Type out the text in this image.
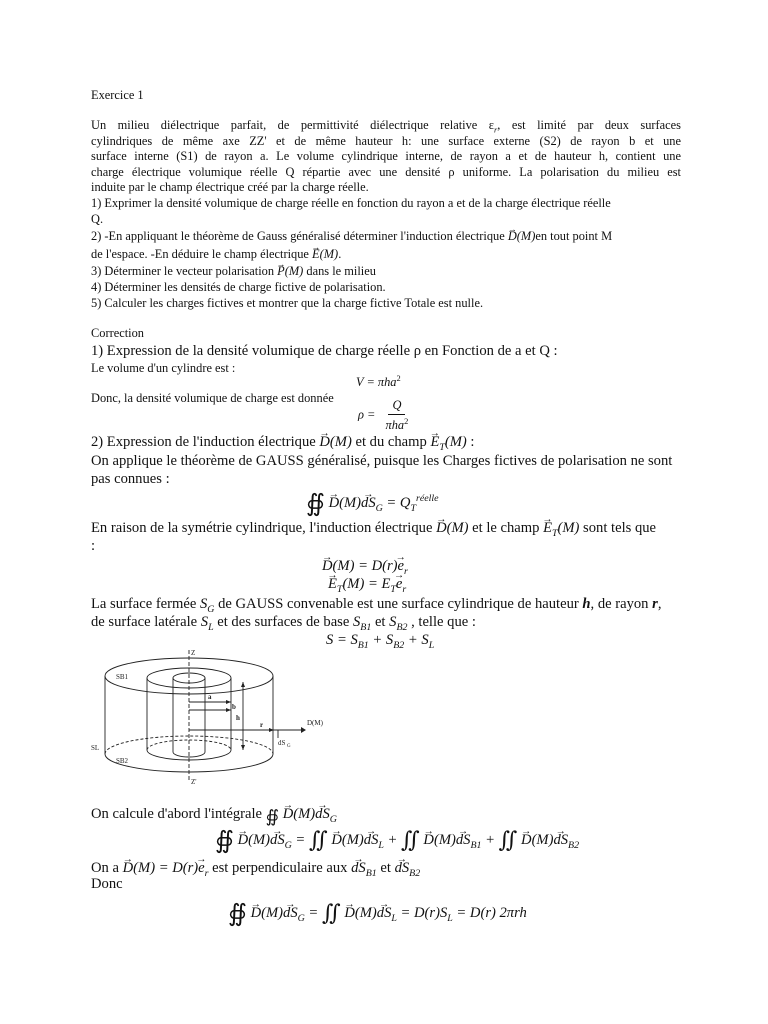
Exercice 1
Un milieu diélectrique parfait, de permittivité diélectrique relative $\varepsilon_r$, est limité par deux surfaces
cylindriques de même axe ZZ' et de même hauteur h: une surface externe (S2) de rayon b et une
surface interne (S1) de rayon a. Le volume cylindrique interne, de rayon a et de hauteur h, contient une
charge électrique volumique réelle Q répartie avec une densité ρ uniforme. La polarisation du milieu est
induite par le champ électrique créé par la charge réelle.
1) Exprimer la densité volumique de charge réelle en fonction du rayon a et de la charge électrique réelle
Q.
2) -En appliquant le théorème de Gauss généralisé déterminer l'induction électrique → D(M)en tout point M
de l'espace. -En déduire le champ électrique → E(M).
3) Déterminer le vecteur polarisation → P(M) dans le milieu
4) Déterminer les densités de charge fictive de polarisation.
5) Calculer les charges fictives et montrer que la charge fictive Totale est nulle.
Correction
1) Expression de la densité volumique de charge réelle ρ en Fonction de a et Q :
Le volume d'un cylindre est :
V = πha$^2$
Donc, la densité volumique de charge est donnée
$\rho = \frac{Q}{\pi ha^2}$
2) Expression de l'induction électrique → D(M) et du champ → $E_T(M)$ :
On applique le théorème de GAUSS généralisé, puisque les Charges fictives de polarisation ne sont
pas connues :
∯ → $D(M)\to dS_G = Q_T^{réelle}$
En raison de la symétrie cylindrique, l'induction électrique → D(M) et le champ → $E_T(M)$ sont tels que
:
→ $D(M) = D(r)\to e_r$
→ $E_T(M) = E_T\to e_r$
La surface fermée $S_G$ de GAUSS convenable est une surface cylindrique de hauteur h, de rayon r,
de surface latérale $S_L$ et des surfaces de base $S_{B1}$ et $S_{B2}$ , telle que :
$S = S_{B1} + S_{B2} + S_L$
Z
Z'
SB1
SB2
SL
a
b
h
r	D(M)
dS G
On calcule d'abord l'intégrale ∯ → $D(M)\to dS_G$
∯ → $D(M)\to dS_G$ = ∬ → $D(M)\to dS_L$ + ∬ → $D(M)\to dS_{B1}$ + ∬ → $D(M)\to dS_{B2}$
On $a \to D(M) = D(r)\to e_r$ est perpendiculaire aux → $dS_{B1}$ et → $dS_{B2}$
Donc
∯ → $D(M)\to dS_G$ = ∬ → $D(M)\to dS_L = D(r)S_L = D(r)$ 2πrh
